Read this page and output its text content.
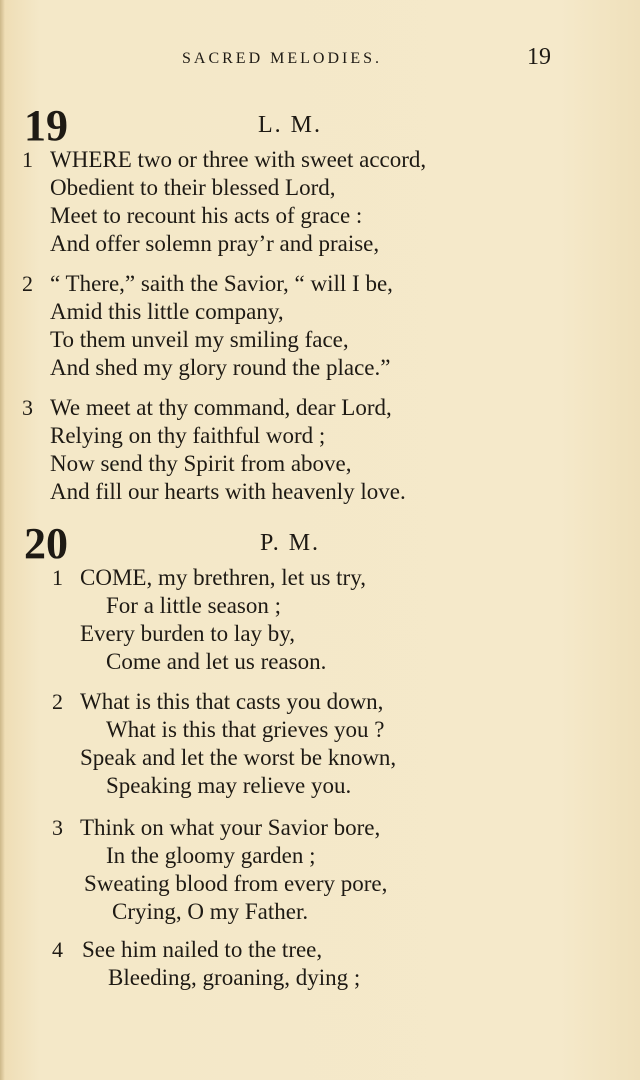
SACRED MELODIES.	19
19	L. M.
1 WHERE two or three with sweet accord,
Obedient to their blessed Lord,
Meet to recount his acts of grace :
And offer solemn pray’r and praise,
2 “ There,” saith the Savior, “ will I be,
Amid this little company,
To them unveil my smiling face,
And shed my glory round the place.”
3 We meet at thy command, dear Lord,
Relying on thy faithful word ;
Now send thy Spirit from above,
And fill our hearts with heavenly love.
20	P. M.
1 COME, my brethren, let us try,
For a little season ;
Every burden to lay by,
Come and let us reason.
2 What is this that casts you down,
What is this that grieves you ?
Speak and let the worst be known,
Speaking may relieve you.
3 Think on what your Savior bore,
In the gloomy garden ;
Sweating blood from every pore,
Crying, O my Father.
4 See him nailed to the tree,
Bleeding, groaning, dying ;
